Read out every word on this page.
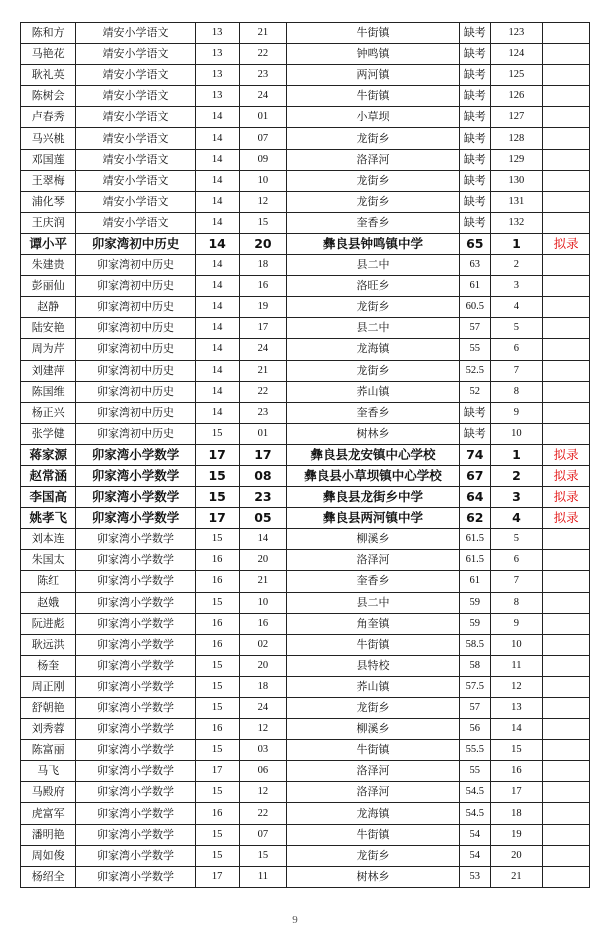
陈和方	靖安小学语文	13	21	牛街镇	缺考	123	
马艳花	靖安小学语文	13	22	钟鸣镇	缺考	124	
耿礼英	靖安小学语文	13	23	两河镇	缺考	125	
陈树会	靖安小学语文	13	24	牛街镇	缺考	126	
卢春秀	靖安小学语文	14	01	小草坝	缺考	127	
马兴桃	靖安小学语文	14	07	龙街乡	缺考	128	
邓国莲	靖安小学语文	14	09	洛泽河	缺考	129	
王翠梅	靖安小学语文	14	10	龙街乡	缺考	130	
浦化琴	靖安小学语文	14	12	龙街乡	缺考	131	
王庆润	靖安小学语文	14	15	奎香乡	缺考	132	
谭小平	卯家湾初中历史	14	20	彝良县钟鸣镇中学	65	1	拟录
朱建贵	卯家湾初中历史	14	18	县二中	63	2	
彭丽仙	卯家湾初中历史	14	16	洛旺乡	61	3	
赵静	卯家湾初中历史	14	19	龙街乡	60.5	4	
陆安艳	卯家湾初中历史	14	17	县二中	57	5	
周为芹	卯家湾初中历史	14	24	龙海镇	55	6	
刘建萍	卯家湾初中历史	14	21	龙街乡	52.5	7	
陈国维	卯家湾初中历史	14	22	荞山镇	52	8	
杨正兴	卯家湾初中历史	14	23	奎香乡	缺考	9	
张学健	卯家湾初中历史	15	01	树林乡	缺考	10	
蒋家源	卯家湾小学数学	17	17	彝良县龙安镇中心学校	74	1	拟录
赵常涵	卯家湾小学数学	15	08	彝良县小草坝镇中心学校	67	2	拟录
李国高	卯家湾小学数学	15	23	彝良县龙街乡中学	64	3	拟录
姚孝飞	卯家湾小学数学	17	05	彝良县两河镇中学	62	4	拟录
刘本连	卯家湾小学数学	15	14	柳溪乡	61.5	5	
朱国太	卯家湾小学数学	16	20	洛泽河	61.5	6	
陈红	卯家湾小学数学	16	21	奎香乡	61	7	
赵娥	卯家湾小学数学	15	10	县二中	59	8	
阮进彪	卯家湾小学数学	16	16	角奎镇	59	9	
耿远洪	卯家湾小学数学	16	02	牛街镇	58.5	10	
杨奎	卯家湾小学数学	15	20	县特校	58	11	
周正刚	卯家湾小学数学	15	18	荞山镇	57.5	12	
舒朝艳	卯家湾小学数学	15	24	龙街乡	57	13	
刘秀蓉	卯家湾小学数学	16	12	柳溪乡	56	14	
陈富丽	卯家湾小学数学	15	03	牛街镇	55.5	15	
马飞	卯家湾小学数学	17	06	洛泽河	55	16	
马殿府	卯家湾小学数学	15	12	洛泽河	54.5	17	
虎富军	卯家湾小学数学	16	22	龙海镇	54.5	18	
潘明艳	卯家湾小学数学	15	07	牛街镇	54	19	
周如俊	卯家湾小学数学	15	15	龙街乡	54	20	
杨绍全	卯家湾小学数学	17	11	树林乡	53	21	
9
